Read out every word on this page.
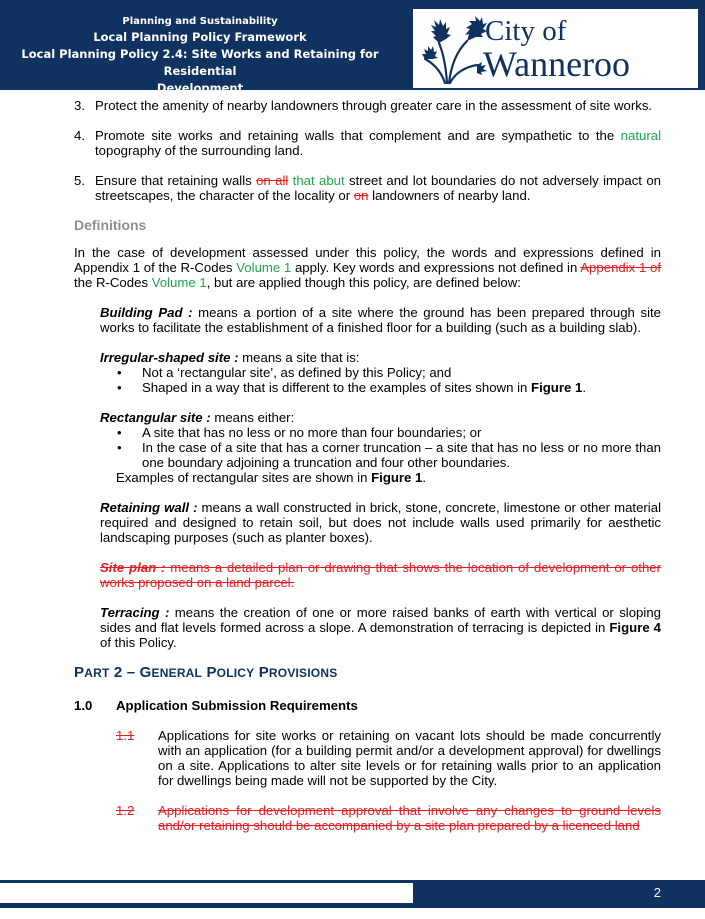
Planning and Sustainability
Local Planning Policy Framework
Local Planning Policy 2.4: Site Works and Retaining for Residential
Development
City of
Wanneroo
3. Protect the amenity of nearby landowners through greater care in the assessment of site works.
4. Promote site works and retaining walls that complement and are sympathetic to the natural topography of the surrounding land.
5. Ensure that retaining walls on all that abut street and lot boundaries do not adversely impact on streetscapes, the character of the locality or on landowners of nearby land.
Definitions

In the case of development assessed under this policy, the words and expressions defined in Appendix 1 of the R-Codes Volume 1 apply. Key words and expressions not defined in Appendix 1 of the R-Codes Volume 1, but are applied though this policy, are defined below:

Building Pad : means a portion of a site where the ground has been prepared through site works to facilitate the establishment of a finished floor for a building (such as a building slab).
Irregular-shaped site : means a site that is:
• Not a ‘rectangular site’, as defined by this Policy; and
• Shaped in a way that is different to the examples of sites shown in Figure 1.
Rectangular site : means either:
• A site that has no less or no more than four boundaries; or
• In the case of a site that has a corner truncation – a site that has no less or no more than one boundary adjoining a truncation and four other boundaries.
Examples of rectangular sites are shown in Figure 1.
Retaining wall : means a wall constructed in brick, stone, concrete, limestone or other material required and designed to retain soil, but does not include walls used primarily for aesthetic landscaping purposes (such as planter boxes).
Site plan : means a detailed plan or drawing that shows the location of development or other works proposed on a land parcel.
Terracing : means the creation of one or more raised banks of earth with vertical or sloping sides and flat levels formed across a slope. A demonstration of terracing is depicted in Figure 4 of this Policy.
PART 2 – GENERAL POLICY PROVISIONS
1.0	Application Submission Requirements
1.1	Applications for site works or retaining on vacant lots should be made concurrently with an application (for a building permit and/or a development approval) for dwellings on a site. Applications to alter site levels or for retaining walls prior to an application for dwellings being made will not be supported by the City.
1.2	Applications for development approval that involve any changes to ground levels and/or retaining should be accompanied by a site plan prepared by a licenced land
2
